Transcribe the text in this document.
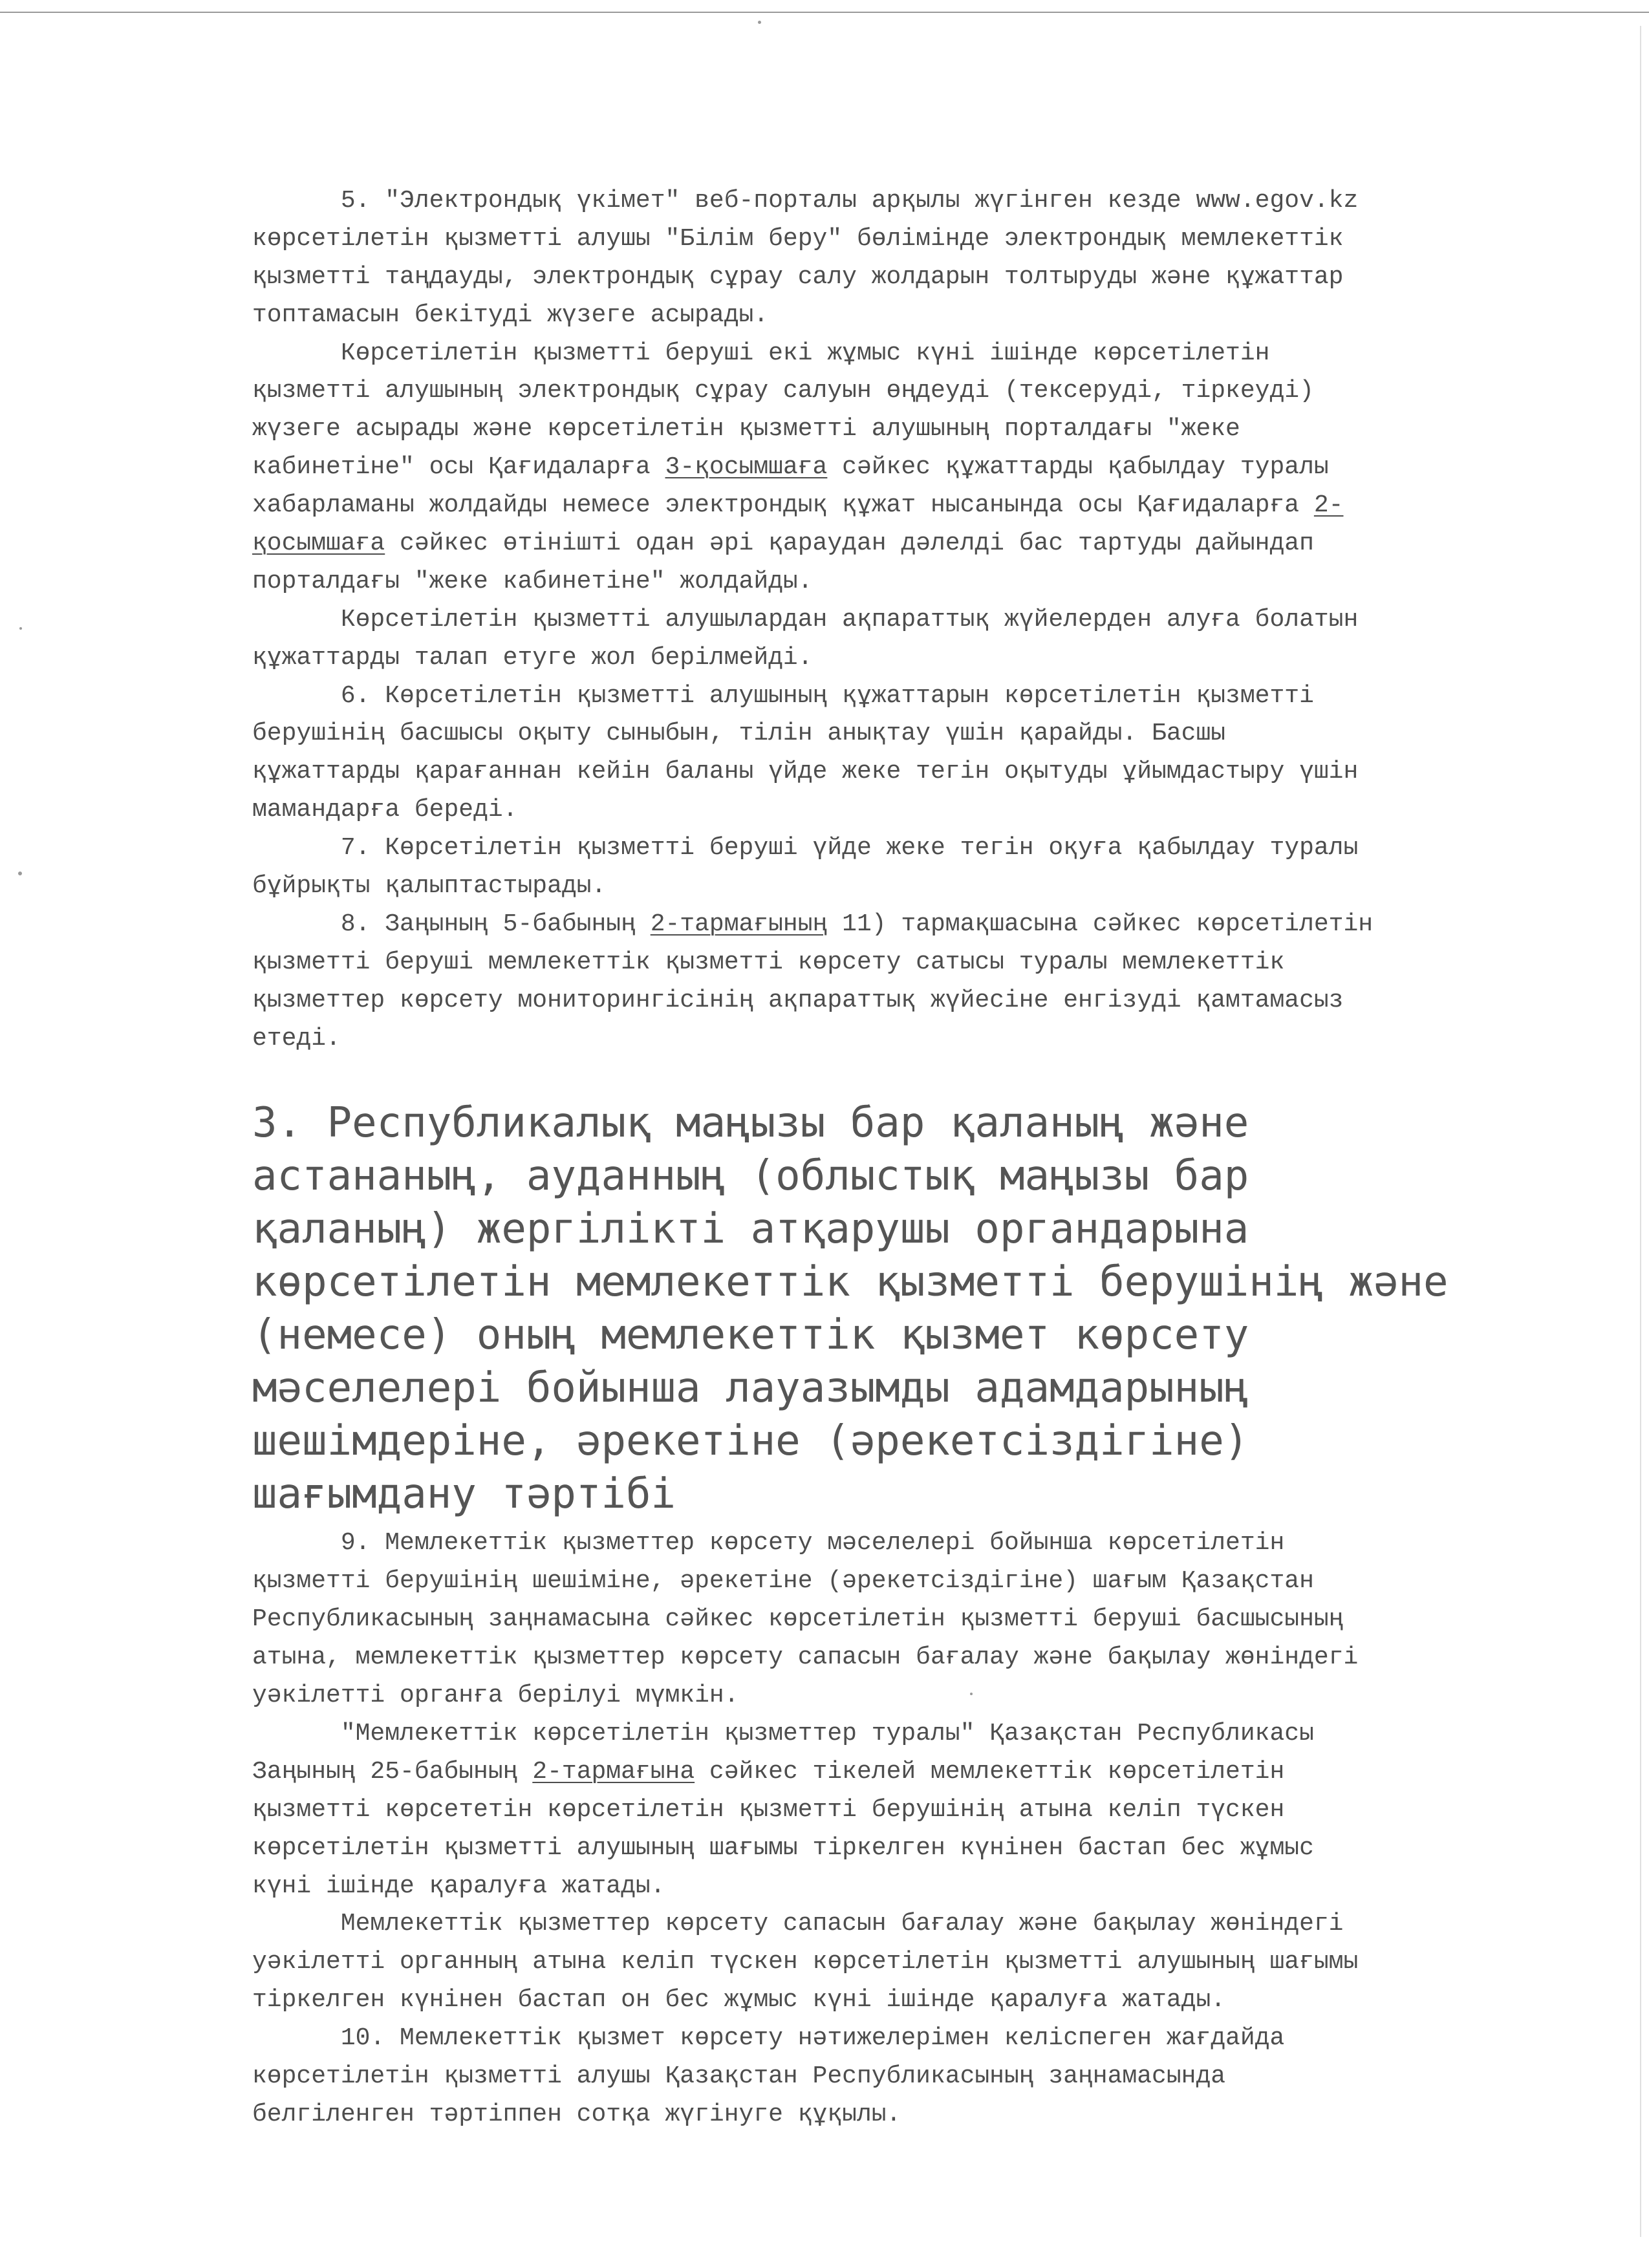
5. "Электрондық үкімет" веб-порталы арқылы жүгінген кезде www.egov.kz
көрсетілетін қызметті алушы "Білім беру" бөлімінде электрондық мемлекеттік
қызметті таңдауды, электрондық сұрау салу жолдарын толтыруды және құжаттар
топтамасын бекітуді жүзеге асырады.
Көрсетілетін қызметті беруші екі жұмыс күні ішінде көрсетілетін
қызметті алушының электрондық сұрау салуын өңдеуді (тексеруді, тіркеуді)
жүзеге асырады және көрсетілетін қызметті алушының порталдағы "жеке
кабинетіне" осы Қағидаларға 3-қосымшаға сәйкес құжаттарды қабылдау туралы
хабарламаны жолдайды немесе электрондық құжат нысанында осы Қағидаларға 2-
қосымшаға сәйкес өтінішті одан әрі қараудан дәлелді бас тартуды дайындап
порталдағы "жеке кабинетіне" жолдайды.
Көрсетілетін қызметті алушылардан ақпараттық жүйелерден алуға болатын
құжаттарды талап етуге жол берілмейді.
6. Көрсетілетін қызметті алушының құжаттарын көрсетілетін қызметті
берушінің басшысы оқыту сыныбын, тілін анықтау үшін қарайды. Басшы
құжаттарды қарағаннан кейін баланы үйде жеке тегін оқытуды ұйымдастыру үшін
мамандарға береді.
7. Көрсетілетін қызметті беруші үйде жеке тегін оқуға қабылдау туралы
бұйрықты қалыптастырады.
8. Заңының 5-бабының 2-тармағының 11) тармақшасына сәйкес көрсетілетін
қызметті беруші мемлекеттік қызметті көрсету сатысы туралы мемлекеттік
қызметтер көрсету мониторингісінің ақпараттық жүйесіне енгізуді қамтамасыз
етеді.
3. Республикалық маңызы бар қаланың және
астананың, ауданның (облыстық маңызы бар
қаланың) жергілікті атқарушы органдарына
көрсетілетін мемлекеттік қызметті берушінің және
(немесе) оның мемлекеттік қызмет көрсету
мәселелері бойынша лауазымды адамдарының
шешімдеріне, әрекетіне (әрекетсіздігіне)
шағымдану тәртібі
9. Мемлекеттік қызметтер көрсету мәселелері бойынша көрсетілетін
қызметті берушінің шешіміне, әрекетіне (әрекетсіздігіне) шағым Қазақстан
Республикасының заңнамасына сәйкес көрсетілетін қызметті беруші басшысының
атына, мемлекеттік қызметтер көрсету сапасын бағалау және бақылау жөніндегі
уәкілетті органға берілуі мүмкін.
"Мемлекеттік көрсетілетін қызметтер туралы" Қазақстан Республикасы
Заңының 25-бабының 2-тармағына сәйкес тікелей мемлекеттік көрсетілетін
қызметті көрсететін көрсетілетін қызметті берушінің атына келіп түскен
көрсетілетін қызметті алушының шағымы тіркелген күнінен бастап бес жұмыс
күні ішінде қаралуға жатады.
Мемлекеттік қызметтер көрсету сапасын бағалау және бақылау жөніндегі
уәкілетті органның атына келіп түскен көрсетілетін қызметті алушының шағымы
тіркелген күнінен бастап он бес жұмыс күні ішінде қаралуға жатады.
10. Мемлекеттік қызмет көрсету нәтижелерімен келіспеген жағдайда
көрсетілетін қызметті алушы Қазақстан Республикасының заңнамасында
белгіленген тәртіппен сотқа жүгінуге құқылы.
